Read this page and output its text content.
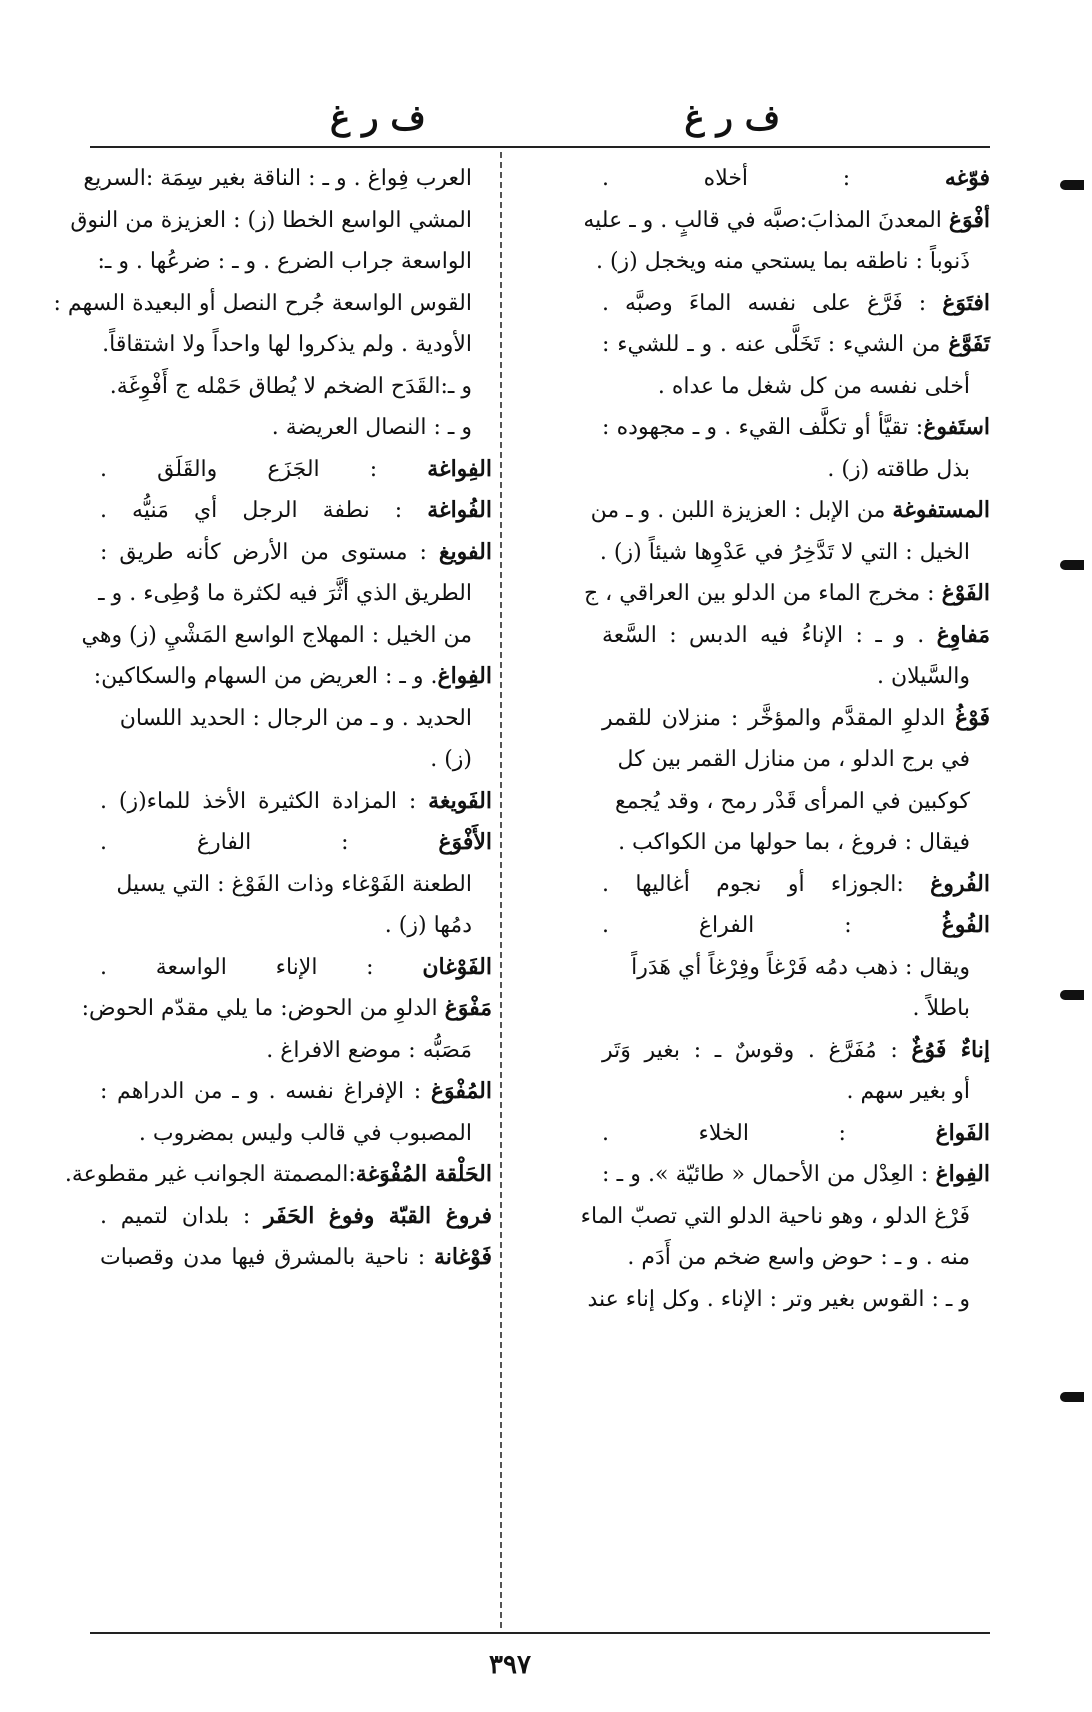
ف ر غ
ف ر غ
فوّغه : أخلاه .
أفْوَغ المعدنَ المذابَ:صبَّه في قالبٍ . و ـ عليه
ذَنوباً : ناطقه بما يستحي منه ويخجل (ز) .
افتَوَغ : فَرَّغ على نفسه الماءَ وصبَّه .
تَفَوَّغ من الشيء : تَخَلَّى عنه . و ـ للشيء :
أخلى نفسه من كل شغل ما عداه .
استَفوغ: تقيَّأ أو تكلَّف القيء . و ـ مجهوده :
بذل طاقته (ز) .
المستفوغة من الإبل : العزيزة اللبن . و ـ من
الخيل : التي لا تَدَّخِرُ في عَدْوِها شيئاً (ز) .
الفَوْغ : مخرج الماء من الدلو بين العراقي ، ج
مَفاوِغ . و ـ : الإناءُ فيه الدبس : السَّعة
والسَّيلان .
فَوْغُ الدلوِ المقدَّم والمؤخَّر : منزلان للقمر
في برج الدلو ، من منازل القمر بين كل
كوكبين في المرأى قَدْر رمح ، وقد يُجمع
فيقال : فروغ ، بما حولها من الكواكب .
الفُروغ :الجوزاء أو نجوم أغاليها .
الفُوغُ : الفراغ .
ويقال : ذهب دمُه فَرْغاً وفِرْغاً أي هَدَراً
باطلاً .
إناءٌ فَوُغٌ : مُفَرَّغ . وقوسٌ ـ : بغير وَتَر
أو بغير سهم .
الفَواغ : الخلاء .
الفِواغ : العِدْل من الأحمال « طائيّة ». و ـ :
فَرْغ الدلو ، وهو ناحية الدلو التي تصبّ الماء
منه . و ـ : حوض واسع ضخم من أَدَم .
و ـ : القوس بغير وتر : الإناء . وكل إناء عند
العرب فِواغ . و ـ : الناقة بغير سِمَة :السريع
المشي الواسع الخطا (ز) : العزيزة من النوق
الواسعة جراب الضرع . و ـ : ضرعُها . و ـ:
القوس الواسعة جُرح النصل أو البعيدة السهم :
الأودية . ولم يذكروا لها واحداً ولا اشتقاقاً.
و ـ:القَدَح الضخم لا يُطاق حَمْله ج أَفْوِغَة.
و ـ : النصال العريضة .
الفِواغة : الجَزَع والقَلَق .
الفُواغة : نطفة الرجل أي مَنيُّه .
الفويغ : مستوى من الأرض كأنه طريق :
الطريق الذي أثَّرَ فيه لكثرة ما وُطِىء . و ـ
من الخيل : المهلاج الواسع المَشْيِ (ز) وهي
الفِواغ. و ـ : العريض من السهام والسكاكين:
الحديد . و ـ من الرجال : الحديد اللسان
(ز) .
الفَويغة : المزادة الكثيرة الأخذ للماء(ز) .
الأَفْوَغ : الفارغ .
الطعنة الفَوْغاء وذات الفَوْغ : التي يسيل
دمُها (ز) .
الفَوْغان : الإناء الواسعة .
مَفْوَغ الدلوِ من الحوض: ما يلي مقدّم الحوض:
مَصَبُّه : موضع الافراغ .
المُفْوَغ : الإفراغ نفسه . و ـ من الدراهم :
المصبوب في قالب وليس بمضروب .
الحَلْقة المُفْوَغة:المصمتة الجوانب غير مقطوعة.
فروغ القبّة وفوغ الحَفَر : بلدان لتميم .
فَوْغانة : ناحية بالمشرق فيها مدن وقصبات
٣٩٧
